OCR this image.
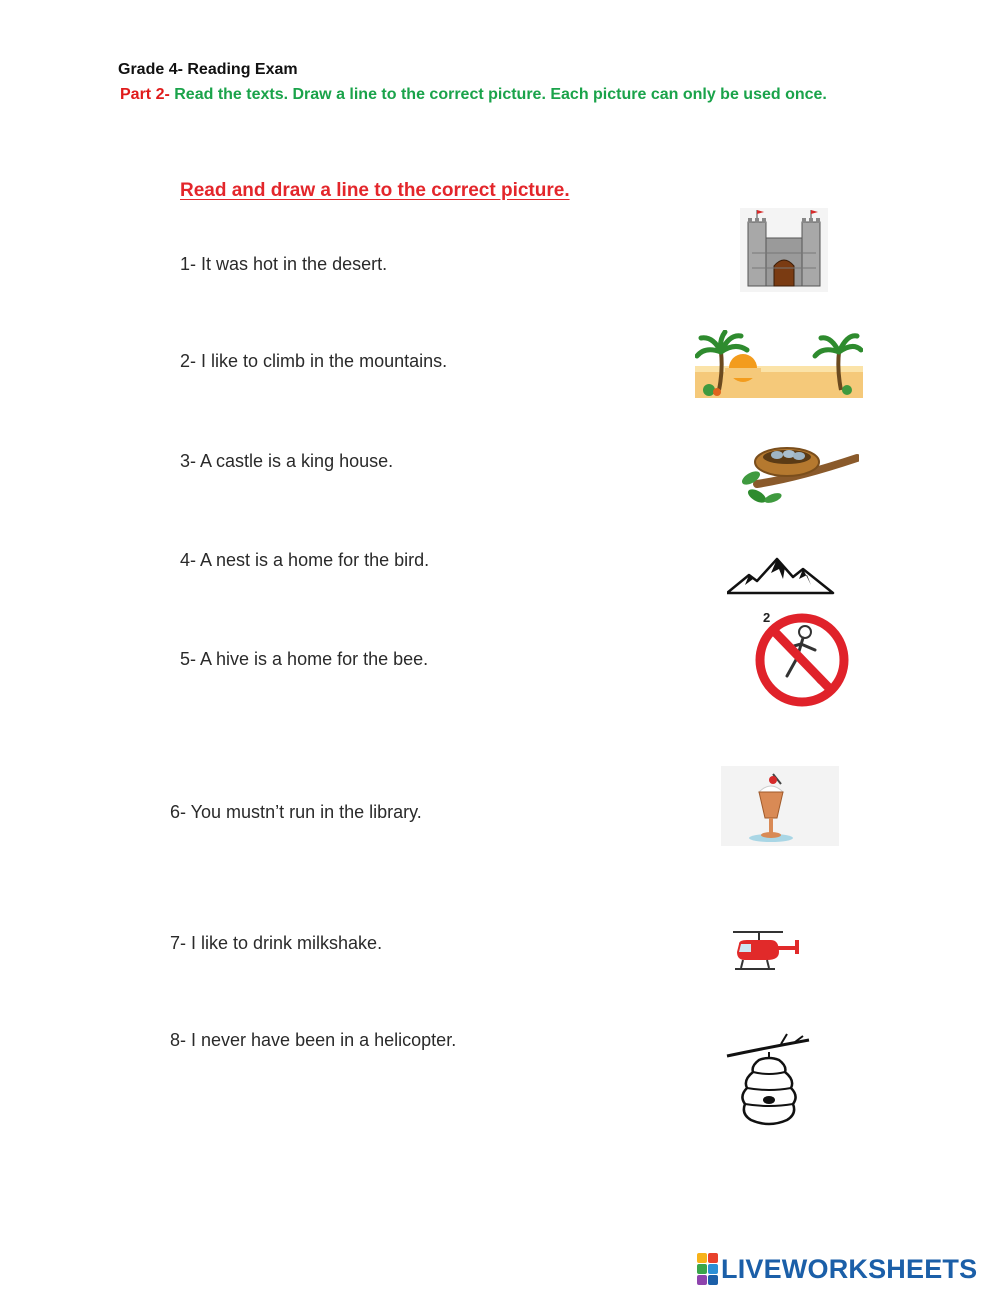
Grade 4- Reading Exam
Part 2- Read the texts. Draw a line to the correct picture. Each picture can only be used once.
Read and draw a line to the correct picture.
1- It was hot in the desert.
2- I like to climb in the mountains.
3- A castle is a king house.
4- A nest is a home for the bird.
5- A hive is a home for the bee.
6- You mustn’t run in the library.
7- I like to drink milkshake.
8- I never have been in a helicopter.
2
LIVEWORKSHEETS
